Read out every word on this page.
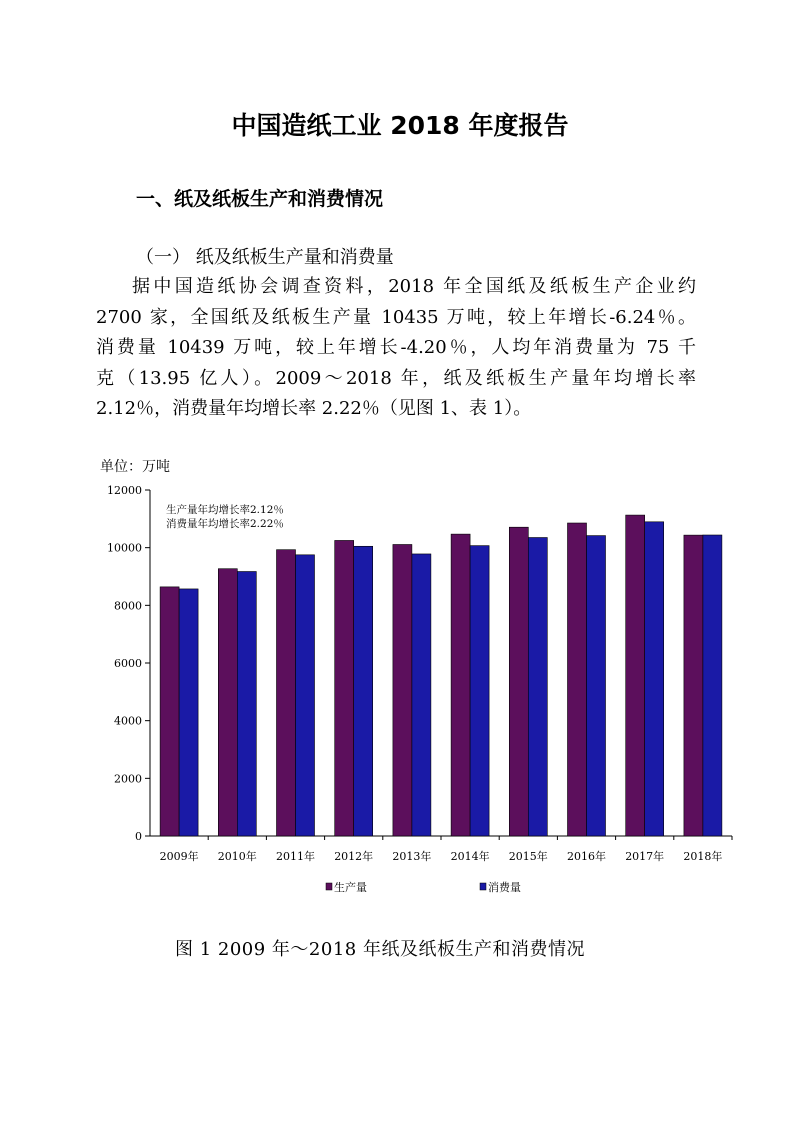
中国造纸工业 2018 年度报告
一、纸及纸板生产和消费情况
（一） 纸及纸板生产量和消费量
据中国造纸协会调查资料，2018 年全国纸及纸板生产企业约
2700 家，全国纸及纸板生产量 10435 万吨，较上年增长-6.24％。
消费量 10439 万吨，较上年增长-4.20％，人均年消费量为 75 千
克（13.95 亿人）。2009～2018 年，纸及纸板生产量年均增长率
2.12％，消费量年均增长率 2.22％（见图 1、表 1）。
单位：万吨
0
2000
4000
6000
8000
10000
12000
2009年 2010年 2011年 2012年 2013年 2014年 2015年 2016年 2017年 2018年
生产量年均增长率2.12％
消费量年均增长率2.22％
生产量	消费量
图 1 2009 年～2018 年纸及纸板生产和消费情况
